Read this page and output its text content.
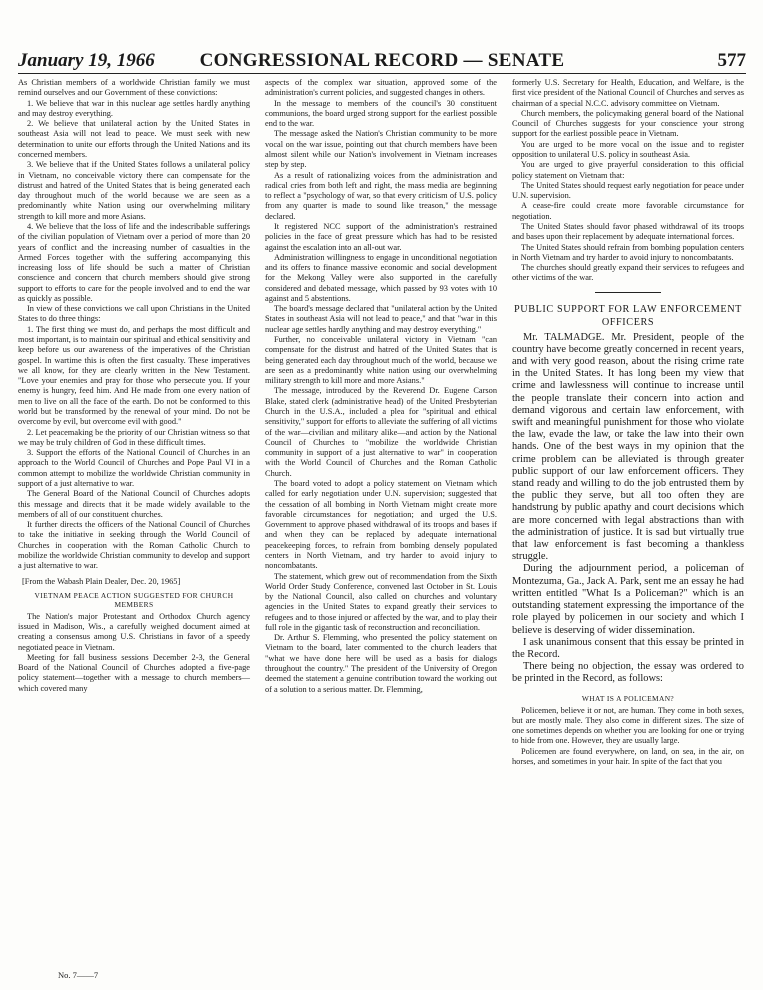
CONGRESSIONAL RECORD — SENATE
January 19, 1966	577

As Christian members of a worldwide Christian family we must remind ourselves and our Government of these convictions:

1. We believe that war in this nuclear age settles hardly anything and may destroy everything.

2. We believe that unilateral action by the United States in southeast Asia will not lead to peace. We must seek with new determination to unite our efforts through the United Nations and its concerned members.

3. We believe that if the United States follows a unilateral policy in Vietnam, no conceivable victory there can compensate for the distrust and hatred of the United States that is being generated each day throughout much of the world because we are seen as a predominantly white Nation using our overwhelming military strength to kill more and more Asians.

4. We believe that the loss of life and the indescribable sufferings of the civilian population of Vietnam over a period of more than 20 years of conflict and the increasing number of casualties in the Armed Forces together with the suffering accompanying this increasing loss of life should be such a matter of Christian conscience and concern that church members should give strong support to efforts to care for the people involved and to end the war as quickly as possible.

In view of these convictions we call upon Christians in the United States to do three things:

1. The first thing we must do, and perhaps the most difficult and most important, is to maintain our spiritual and ethical sensitivity and keep before us our awareness of the imperatives of the Christian gospel. In wartime this is often the first casualty. These imperatives we all know, for they are clearly written in the New Testament. "Love your enemies and pray for those who persecute you. If your enemy is hungry, feed him. And He made from one every nation of men to live on all the face of the earth. Do not be conformed to this world but be transformed by the renewal of your mind. Do not be overcome by evil, but overcome evil with good."

2. Let peacemaking be the priority of our Christian witness so that we may be truly children of God in these difficult times.

3. Support the efforts of the National Council of Churches in an approach to the World Council of Churches and Pope Paul VI in a common attempt to mobilize the worldwide Christian community in support of a just alternative to war.

The General Board of the National Council of Churches adopts this message and directs that it be made widely available to the members of all of our constituent churches.

It further directs the officers of the National Council of Churches to take the initiative in seeking through the World Council of Churches in cooperation with the Roman Catholic Church to mobilize the worldwide Christian community to develop and support a just alternative to war.

[From the Wabash Plain Dealer, Dec. 20, 1965]

VIETNAM PEACE ACTION SUGGESTED FOR CHURCH MEMBERS

The Nation's major Protestant and Orthodox Church agency issued in Madison, Wis., a carefully weighed document aimed at creating a consensus among U.S. Christians in favor of a speedy negotiated peace in Vietnam.

Meeting for fall business sessions December 2-3, the General Board of the National Council of Churches adopted a five-page policy statement—together with a message to church members—which covered many

aspects of the complex war situation, approved some of the administration's current policies, and suggested changes in others.

In the message to members of the council's 30 constituent communions, the board urged strong support for the earliest possible end to the war.

The message asked the Nation's Christian community to be more vocal on the war issue, pointing out that church members have been almost silent while our Nation's involvement in Vietnam increases step by step.

As a result of rationalizing voices from the administration and radical cries from both left and right, the mass media are beginning to reflect a "psychology of war, so that every criticism of U.S. policy from any quarter is made to sound like treason," the message declared.

It registered NCC support of the administration's restrained policies in the face of great pressure which has had to be resisted against the escalation into an all-out war.

Administration willingness to engage in unconditional negotiation and its offers to finance massive economic and social development for the Mekong Valley were also supported in the carefully considered and debated message, which passed by 93 votes with 10 against and 5 abstentions.

The board's message declared that "unilateral action by the United States in southeast Asia will not lead to peace," and that "war in this nuclear age settles hardly anything and may destroy everything."

Further, no conceivable unilateral victory in Vietnam "can compensate for the distrust and hatred of the United States that is being generated each day throughout much of the world, because we are seen as a predominantly white nation using our overwhelming military strength to kill more and more Asians."

The message, introduced by the Reverend Dr. Eugene Carson Blake, stated clerk (administrative head) of the United Presbyterian Church in the U.S.A., included a plea for "spiritual and ethical sensitivity," support for efforts to alleviate the suffering of all victims of the war—civilian and military alike—and action by the National Council of Churches to "mobilize the worldwide Christian community in support of a just alternative to war" in cooperation with the World Council of Churches and the Roman Catholic Church.

The board voted to adopt a policy statement on Vietnam which called for early negotiation under U.N. supervision; suggested that the cessation of all bombing in North Vietnam might create more favorable circumstances for negotiation; and urged the U.S. Government to approve phased withdrawal of its troops and bases if and when they can be replaced by adequate international peacekeeping forces, to refrain from bombing densely populated centers in North Vietnam, and try harder to avoid injury to noncombatants.

The statement, which grew out of recommendation from the Sixth World Order Study Conference, convened last October in St. Louis by the National Council, also called on churches and voluntary agencies in the United States to expand greatly their services to refugees and to those injured or affected by the war, and to play their full role in the gigantic task of reconstruction and reconciliation.

Dr. Arthur S. Flemming, who presented the policy statement on Vietnam to the board, later commented to the church leaders that "what we have done here will be used as a basis for dialogs throughout the country." The president of the University of Oregon deemed the statement a genuine contribution toward the working out of a solution to a serious matter. Dr. Flemming,

formerly U.S. Secretary for Health, Education, and Welfare, is the first vice president of the National Council of Churches and serves as chairman of a special N.C.C. advisory committee on Vietnam.

Church members, the policymaking general board of the National Council of Churches suggests for your conscience your strong support for the earliest possible peace in Vietnam.

You are urged to be more vocal on the issue and to register opposition to unilateral U.S. policy in southeast Asia.

You are urged to give prayerful consideration to this official policy statement on Vietnam that:

The United States should request early negotiation for peace under U.N. supervision.

A cease-fire could create more favorable circumstance for negotiation.

The United States should favor phased withdrawal of its troops and bases upon their replacement by adequate international forces.

The United States should refrain from bombing population centers in North Vietnam and try harder to avoid injury to noncombatants.

The churches should greatly expand their services to refugees and other victims of the war.

PUBLIC SUPPORT FOR LAW ENFORCEMENT OFFICERS

Mr. TALMADGE. Mr. President, people of the country have become greatly concerned in recent years, and with very good reason, about the rising crime rate in the United States. It has long been my view that crime and lawlessness will continue to increase until the people translate their concern into action and demand vigorous and certain law enforcement, with swift and meaningful punishment for those who violate the law, evade the law, or take the law into their own hands. One of the best ways in my opinion that the crime problem can be alleviated is through greater public support of our law enforcement officers. They stand ready and willing to do the job entrusted them by the public they serve, but all too often they are handstrung by public apathy and court decisions which are more concerned with legal abstractions than with the administration of justice. It is sad but virtually true that law enforcement is fast becoming a thankless struggle.

During the adjournment period, a policeman of Montezuma, Ga., Jack A. Park, sent me an essay he had written entitled "What Is a Policeman?" which is an outstanding statement expressing the importance of the role played by policemen in our society and which I believe is deserving of wider dissemination.

I ask unanimous consent that this essay be printed in the Record.

There being no objection, the essay was ordered to be printed in the Record, as follows:

WHAT IS A POLICEMAN?

Policemen, believe it or not, are human. They come in both sexes, but are mostly male. They also come in different sizes. The size of one sometimes depends on whether you are looking for one or trying to hide from one. However, they are usually large.

Policemen are found everywhere, on land, on sea, in the air, on horses, and sometimes in your hair. In spite of the fact that you

No. 7——7
